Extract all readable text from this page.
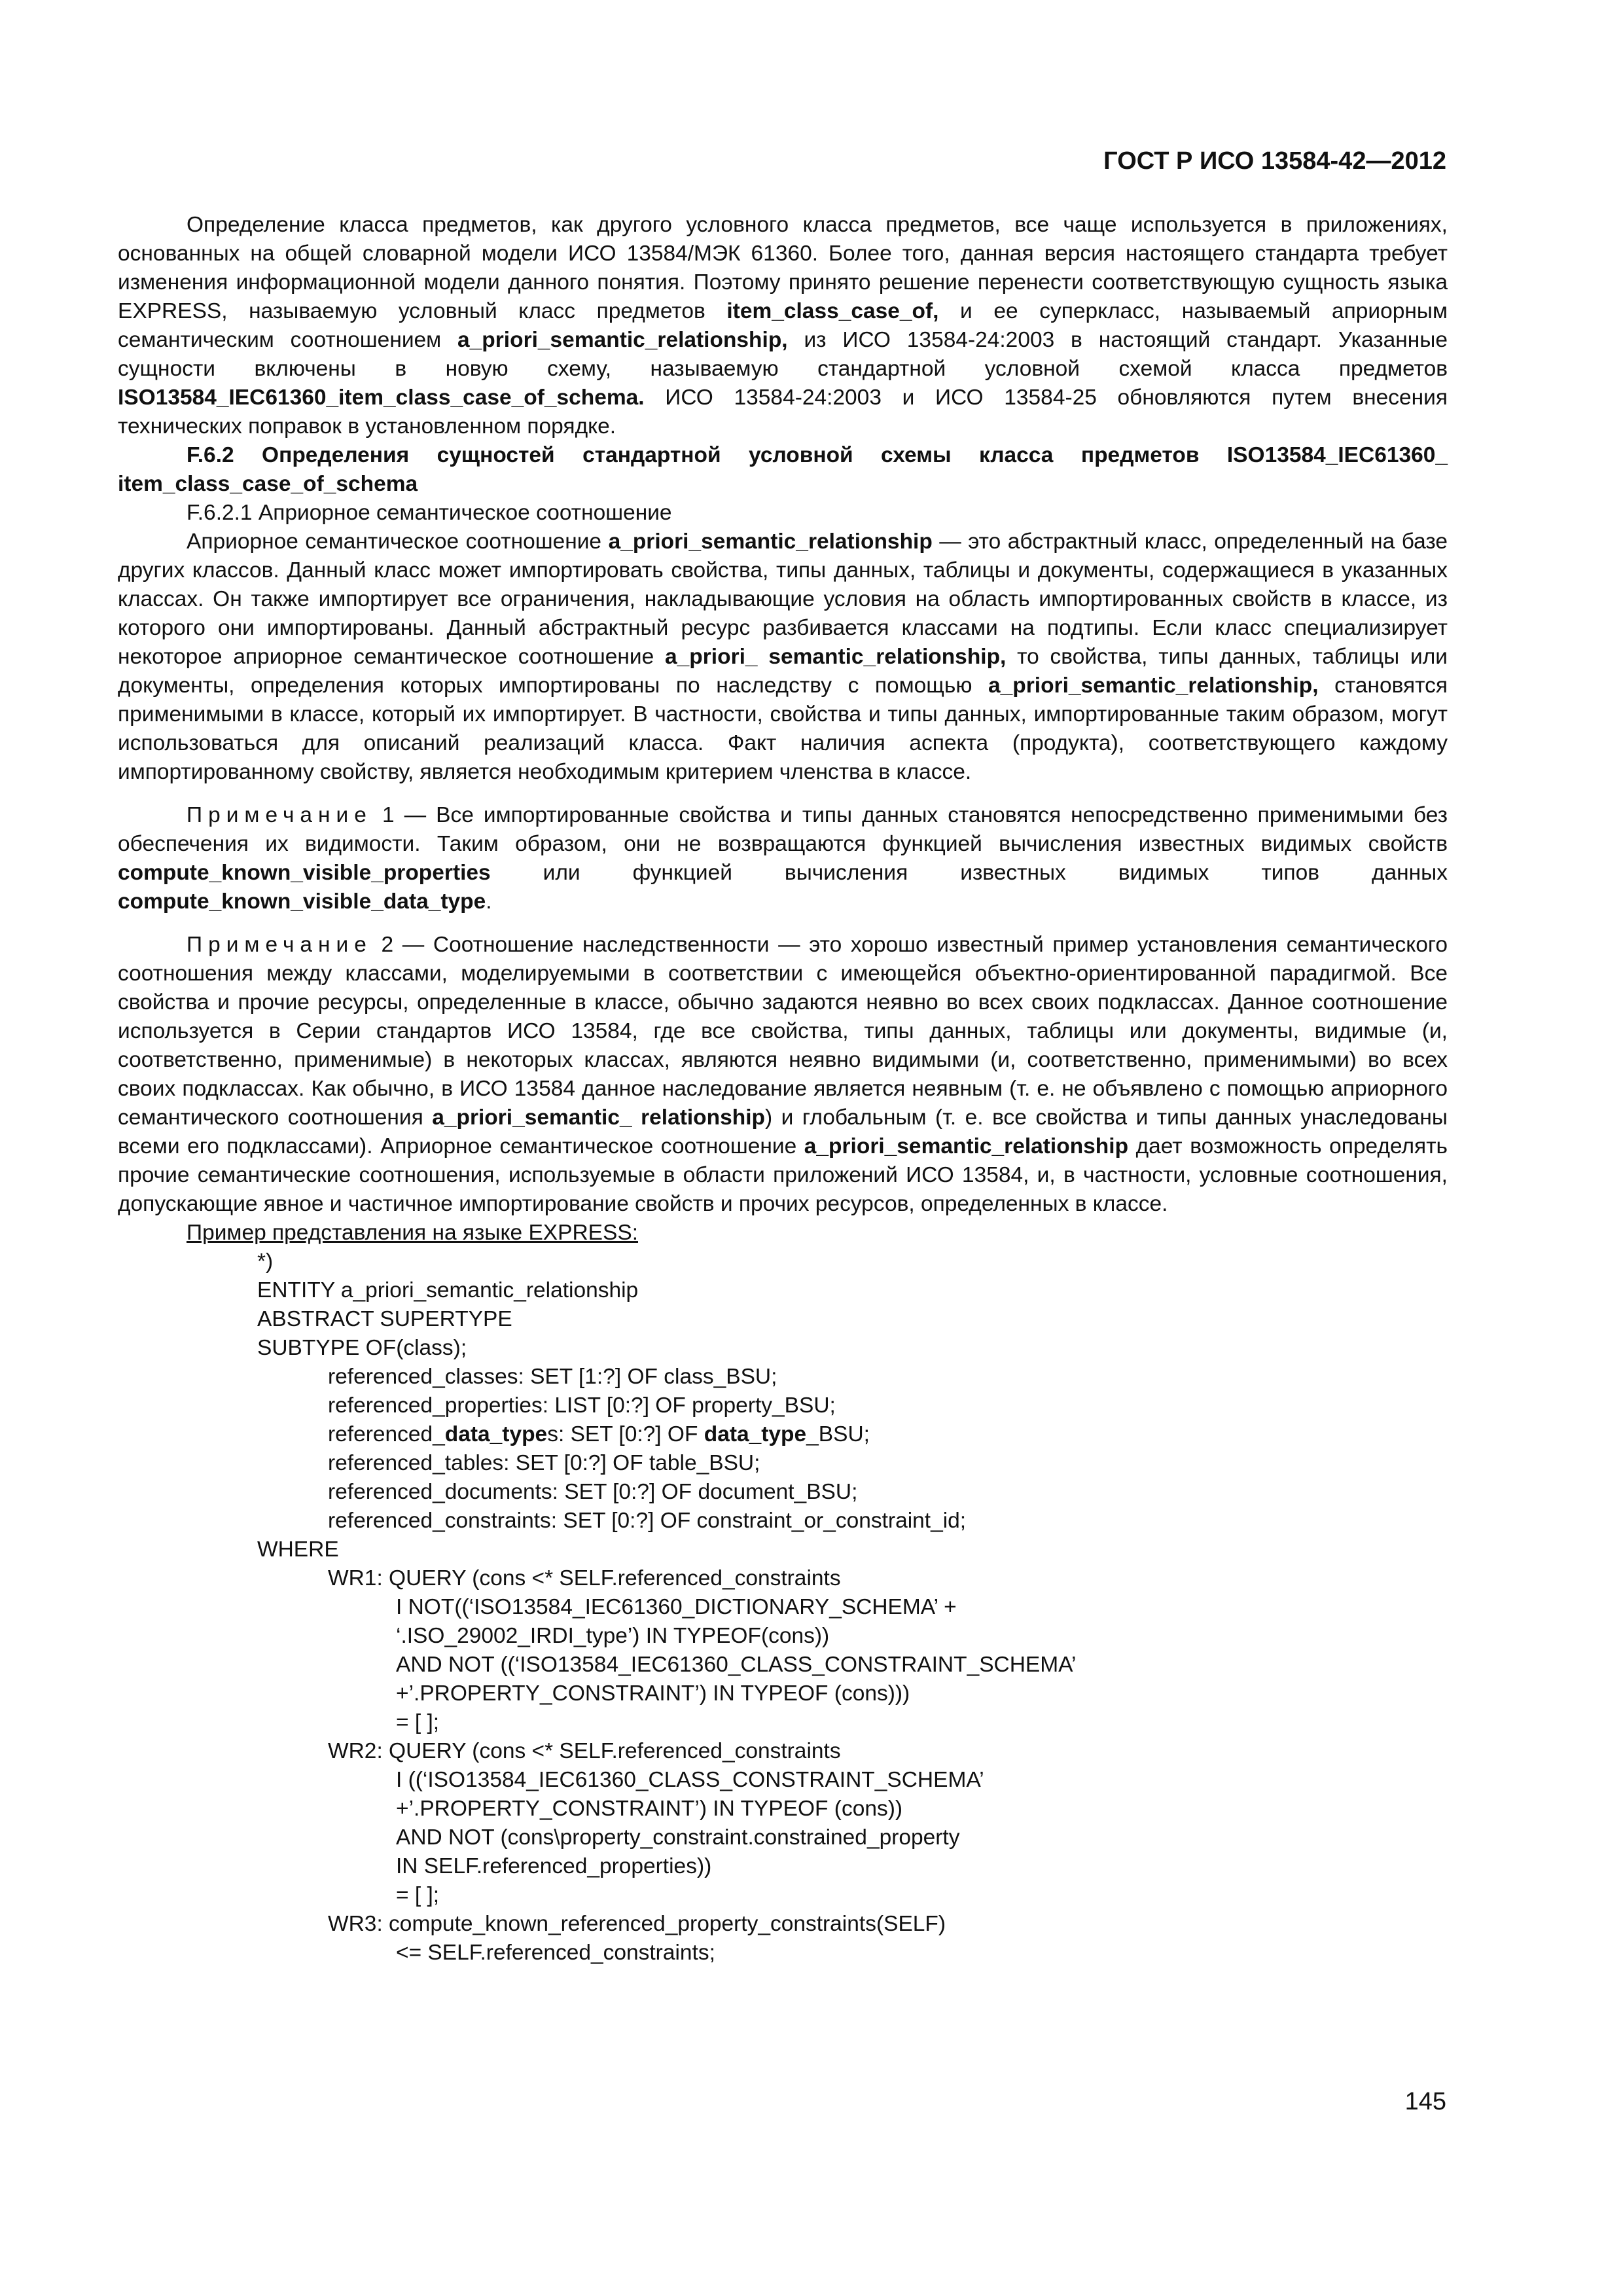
ГОСТ Р ИСО 13584-42—2012

Определение класса предметов, как другого условного класса предметов, все чаще используется в приложениях, основанных на общей словарной модели ИСО 13584/МЭК 61360. Более того, данная версия настоящего стандарта требует изменения информационной модели данного понятия. Поэтому принято решение перенести соответствующую сущность языка EXPRESS, называемую условный класс предметов item_class_case_of, и ее суперкласс, называемый априорным семантическим соотношением a_priori_semantic_relationship, из ИСО 13584-24:2003 в настоящий стандарт. Указанные сущности включены в новую схему, называемую стандартной условной схемой класса предметов ISO13584_IEC61360_item_class_case_of_schema. ИСО 13584-24:2003 и ИСО 13584-25 обновляются путем внесения технических поправок в установленном порядке.

F.6.2 Определения сущностей стандартной условной схемы класса предметов ISO13584_IEC61360_ item_class_case_of_schema

F.6.2.1 Априорное семантическое соотношение

Априорное семантическое соотношение a_priori_semantic_relationship — это абстрактный класс, определенный на базе других классов. Данный класс может импортировать свойства, типы данных, таблицы и документы, содержащиеся в указанных классах. Он также импортирует все ограничения, накладывающие условия на область импортированных свойств в классе, из которого они импортированы. Данный абстрактный ресурс разбивается классами на подтипы. Если класс специализирует некоторое априорное семантическое соотношение a_priori_ semantic_relationship, то свойства, типы данных, таблицы или документы, определения которых импортированы по наследству с помощью a_priori_semantic_relationship, становятся применимыми в классе, который их импортирует. В частности, свойства и типы данных, импортированные таким образом, могут использоваться для описаний реализаций класса. Факт наличия аспекта (продукта), соответствующего каждому импортированному свойству, является необходимым критерием членства в классе.

Примечание 1 — Все импортированные свойства и типы данных становятся непосредственно применимыми без обеспечения их видимости. Таким образом, они не возвращаются функцией вычисления известных видимых свойств compute_known_visible_properties или функцией вычисления известных видимых типов данных compute_known_visible_data_type.

Примечание 2 — Соотношение наследственности — это хорошо известный пример установления семантического соотношения между классами, моделируемыми в соответствии с имеющейся объектно-ориентированной парадигмой. Все свойства и прочие ресурсы, определенные в классе, обычно задаются неявно во всех своих подклассах. Данное соотношение используется в Серии стандартов ИСО 13584, где все свойства, типы данных, таблицы или документы, видимые (и, соответственно, применимые) в некоторых классах, являются неявно видимыми (и, соответственно, применимыми) во всех своих подклассах. Как обычно, в ИСО 13584 данное наследование является неявным (т. е. не объявлено с помощью априорного семантического соотношения a_priori_semantic_ relationship) и глобальным (т. е. все свойства и типы данных унаследованы всеми его подклассами). Априорное семантическое соотношение a_priori_semantic_relationship дает возможность определять прочие семантические соотношения, используемые в области приложений ИСО 13584, и, в частности, условные соотношения, допускающие явное и частичное импортирование свойств и прочих ресурсов, определенных в классе.

Пример представления на языке EXPRESS:

*)
ENTITY a_priori_semantic_relationship
ABSTRACT SUPERTYPE
SUBTYPE OF(class);
referenced_classes: SET [1:?] OF class_BSU;
referenced_properties: LIST [0:?] OF property_BSU;
referenced_data_types: SET [0:?] OF data_type_BSU;
referenced_tables: SET [0:?] OF table_BSU;
referenced_documents: SET [0:?] OF document_BSU;
referenced_constraints: SET [0:?] OF constraint_or_constraint_id;
WHERE
WR1: QUERY (cons <* SELF.referenced_constraints
I NOT((‘ISO13584_IEC61360_DICTIONARY_SCHEMA’ +
‘.ISO_29002_IRDI_type’) IN TYPEOF(cons))
AND NOT ((‘ISO13584_IEC61360_CLASS_CONSTRAINT_SCHEMA’
+’.PROPERTY_CONSTRAINT’) IN TYPEOF (cons)))
= [ ];
WR2: QUERY (cons <* SELF.referenced_constraints
I ((‘ISO13584_IEC61360_CLASS_CONSTRAINT_SCHEMA’
+’.PROPERTY_CONSTRAINT’) IN TYPEOF (cons))
AND NOT (cons\property_constraint.constrained_property
IN SELF.referenced_properties))
= [ ];
WR3: compute_known_referenced_property_constraints(SELF)
<= SELF.referenced_constraints;
145
